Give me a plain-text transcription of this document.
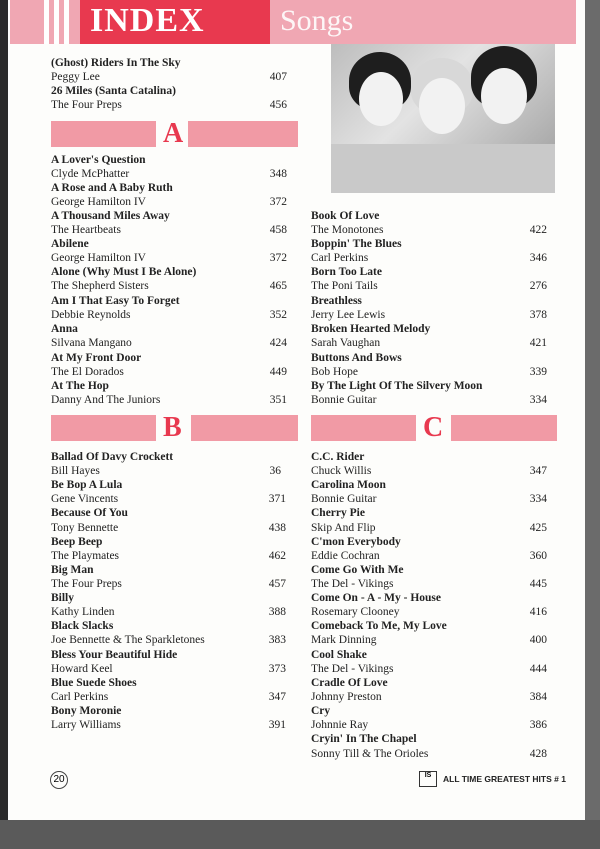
INDEX	Songs
(Ghost) Riders In The Sky
Peggy Lee	407
26 Miles (Santa Catalina)
The Four Preps	456
A
A Lover's Question
Clyde McPhatter	348
A Rose and A Baby Ruth
George Hamilton IV	372
A Thousand Miles Away
The Heartbeats	458
Abilene
George Hamilton IV	372
Alone (Why Must I Be Alone)
The Shepherd Sisters	465
Am I That Easy To Forget
Debbie Reynolds	352
Anna
Silvana Mangano	424
At My Front Door
The El Dorados	449
At The Hop
Danny And The Juniors	351
Book Of Love
The Monotones	422
Boppin' The Blues
Carl Perkins	346
Born Too Late
The Poni Tails	276
Breathless
Jerry Lee Lewis	378
Broken Hearted Melody
Sarah Vaughan	421
Buttons And Bows
Bob Hope	339
By The Light Of The Silvery Moon
Bonnie Guitar	334
B	C
Ballad Of Davy Crockett
Bill Hayes	36
Be Bop A Lula
Gene Vincents	371
Because Of You
Tony Bennette	438
Beep Beep
The Playmates	462
Big Man
The Four Preps	457
Billy
Kathy Linden	388
Black Slacks
Joe Bennette & The Sparkletones	383
Bless Your Beautiful Hide
Howard Keel	373
Blue Suede Shoes
Carl Perkins	347
Bony Moronie
Larry Williams	391
C.C. Rider
Chuck Willis	347
Carolina Moon
Bonnie Guitar	334
Cherry Pie
Skip And Flip	425
C'mon Everybody
Eddie Cochran	360
Come Go With Me
The Del - Vikings	445
Come On - A - My - House
Rosemary Clooney	416
Comeback To Me, My Love
Mark Dinning	400
Cool Shake
The Del - Vikings	444
Cradle Of Love
Johnny Preston	384
Cry
Johnnie Ray	386
Cryin' In The Chapel
Sonny Till & The Orioles	428
20	IS	ALL TIME GREATEST HITS # 1
